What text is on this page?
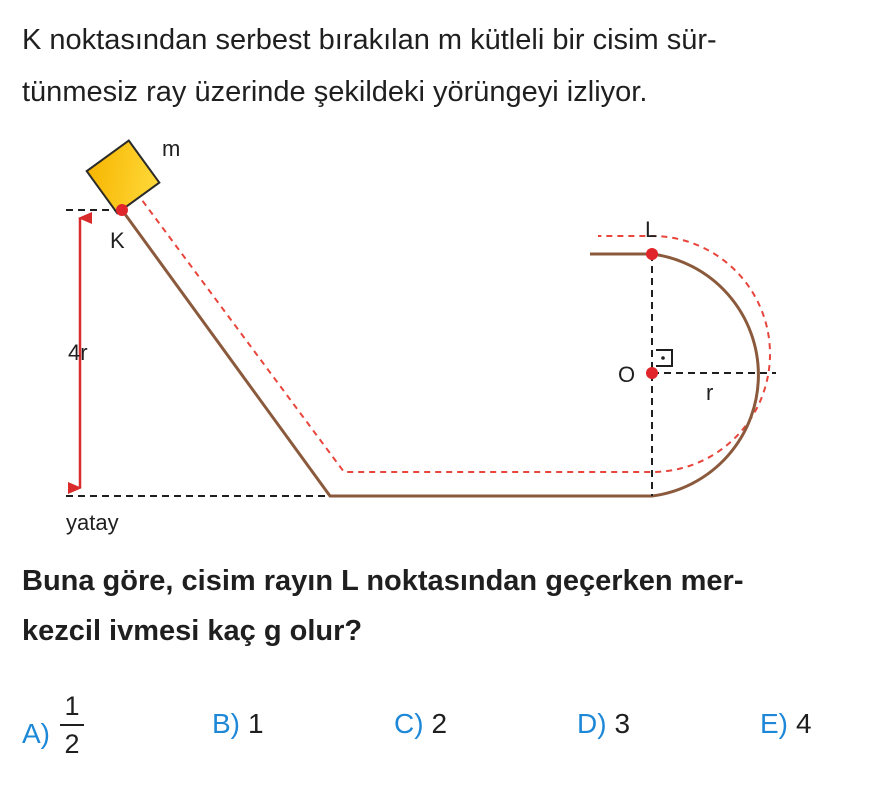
K noktasından serbest bırakılan m kütleli bir cisim sür-
tünmesiz ray üzerinde şekildeki yörüngeyi izliyor.
m
K	L
O
4r
r
yatay
Buna göre, cisim rayın L noktasından geçerken mer-
kezcil ivmesi kaç g olur?
$A) \frac{1}{2}$	B) 1	C) 2	D) 3	E) 4
